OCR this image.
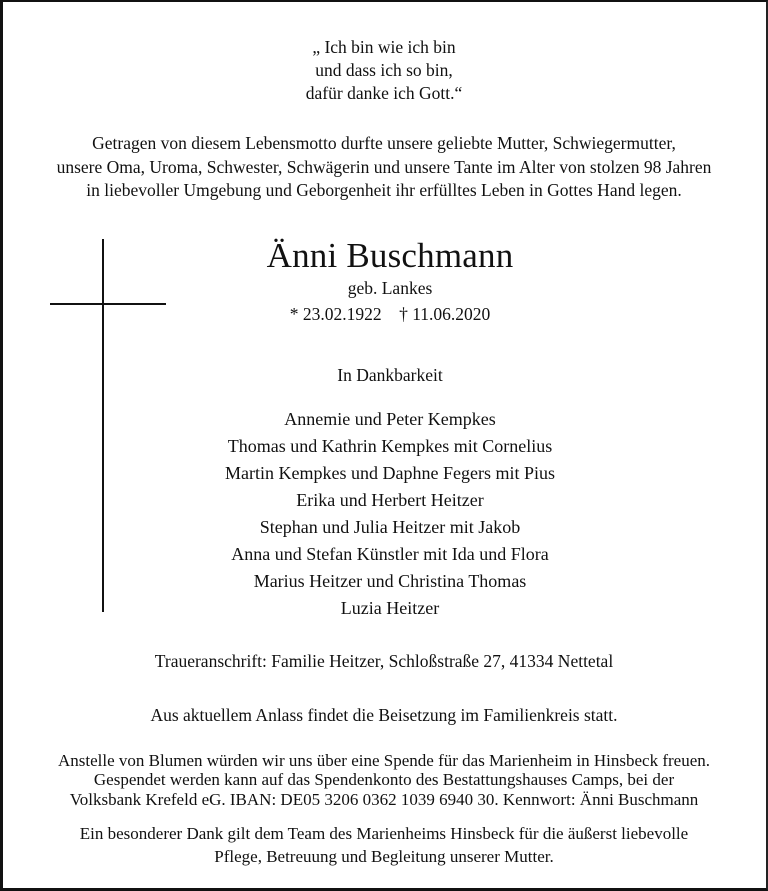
„ Ich bin wie ich bin
und dass ich so bin,
dafür danke ich Gott.“
Getragen von diesem Lebensmotto durfte unsere geliebte Mutter, Schwiegermutter,
unsere Oma, Uroma, Schwester, Schwägerin und unsere Tante im Alter von stolzen 98 Jahren
in liebevoller Umgebung und Geborgenheit ihr erfülltes Leben in Gottes Hand legen.
Änni Buschmann
geb. Lankes
* 23.02.1922    † 11.06.2020
In Dankbarkeit
Annemie und Peter Kempkes
Thomas und Kathrin Kempkes mit Cornelius
Martin Kempkes und Daphne Fegers mit Pius
Erika und Herbert Heitzer
Stephan und Julia Heitzer mit Jakob
Anna und Stefan Künstler mit Ida und Flora
Marius Heitzer und Christina Thomas
Luzia Heitzer
Traueranschrift: Familie Heitzer, Schloßstraße 27, 41334 Nettetal
Aus aktuellem Anlass findet die Beisetzung im Familienkreis statt.
Anstelle von Blumen würden wir uns über eine Spende für das Marienheim in Hinsbeck freuen.
Gespendet werden kann auf das Spendenkonto des Bestattungshauses Camps, bei der
Volksbank Krefeld eG. IBAN: DE05 3206 0362 1039 6940 30. Kennwort: Änni Buschmann
Ein besonderer Dank gilt dem Team des Marienheims Hinsbeck für die äußerst liebevolle
Pflege, Betreuung und Begleitung unserer Mutter.
